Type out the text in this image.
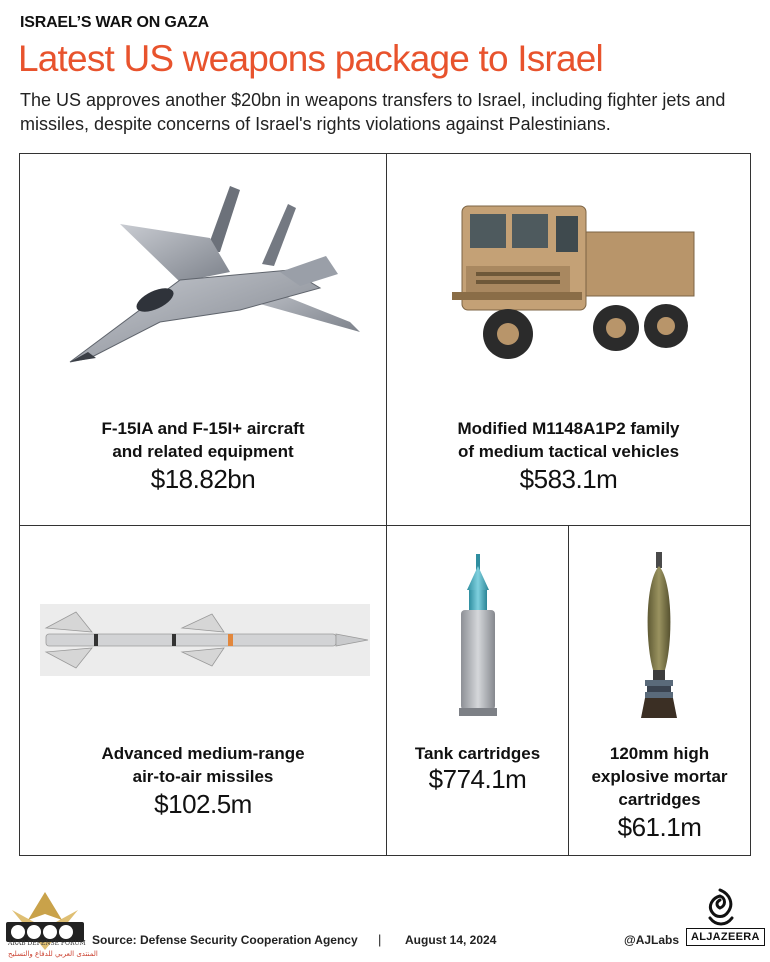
ISRAEL’S WAR ON GAZA
Latest US weapons package to Israel
The US approves another $20bn in weapons transfers to Israel, including fighter jets and missiles, despite concerns of Israel's rights violations against Palestinians.
F-15IA and F-15I+ aircraft
and related equipment
$18.82bn
Modified M1148A1P2 family
of medium tactical vehicles
$583.1m
Advanced medium-range
air-to-air missiles
$102.5m
Tank cartridges
$774.1m
120mm high
explosive mortar
cartridges
$61.1m
ARAB DEFENSE FORUM
المنتدى العربي للدفاع والتسليح
Source: Defense Security Cooperation Agency | August 14, 2024	@AJLabs	ALJAZEERA
